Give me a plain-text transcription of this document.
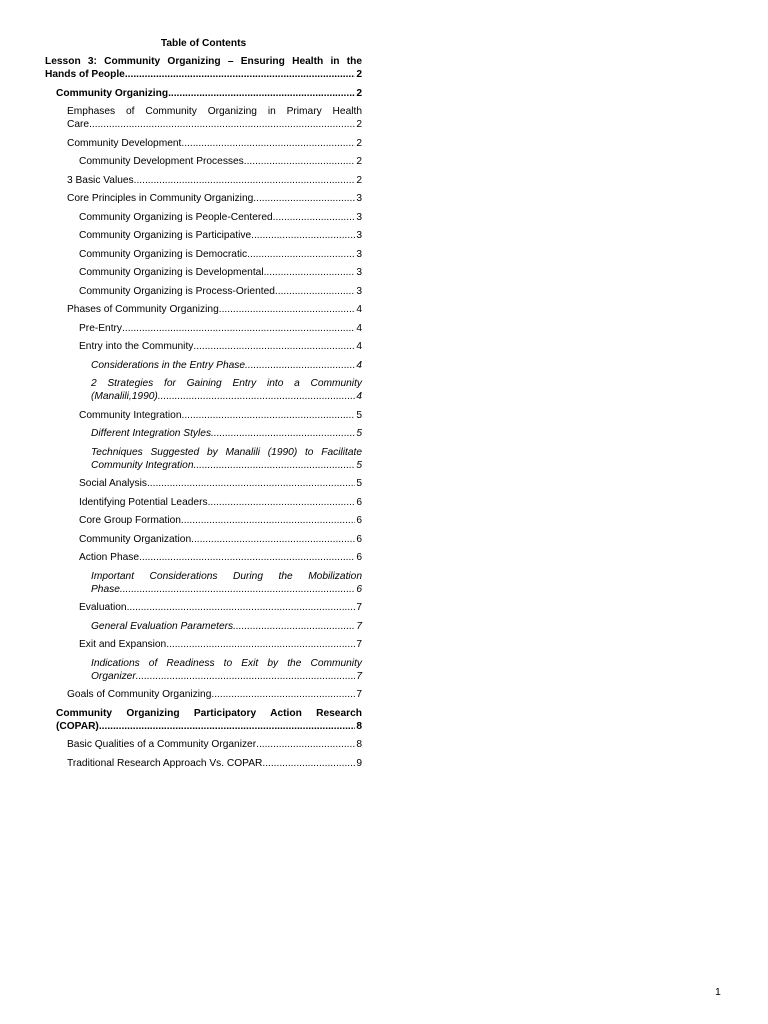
Table of Contents
Lesson 3: Community Organizing – Ensuring Health in the
Hands of People .....	2
Community Organizing .....	2
Emphases of Community Organizing in Primary Health
Care .....	2
Community Development .....	2
Community Development Processes .....	2
3 Basic Values .....	2
Core Principles in Community Organizing .....	3
Community Organizing is People-Centered .....	3
Community Organizing is Participative .....	3
Community Organizing is Democratic .....	3
Community Organizing is Developmental .....	3
Community Organizing is Process-Oriented .....	3
Phases of Community Organizing .....	4
Pre-Entry .....	4
Entry into the Community .....	4
Considerations in the Entry Phase .....	4
2 Strategies for Gaining Entry into a Community
(Manalili,1990) .....	4
Community Integration .....	5
Different Integration Styles .....	5
Techniques Suggested by Manalili (1990) to Facilitate
Community Integration .....	5
Social Analysis .....	5
Identifying Potential Leaders .....	6
Core Group Formation .....	6
Community Organization .....	6
Action Phase .....	6
Important Considerations During the Mobilization
Phase .....	6
Evaluation .....	7
General Evaluation Parameters .....	7
Exit and Expansion .....	7
Indications of Readiness to Exit by the Community
Organizer .....	7
Goals of Community Organizing .....	7
Community Organizing Participatory Action Research
(COPAR) .....	8
Basic Qualities of a Community Organizer .....	8
Traditional Research Approach Vs. COPAR .....	9
1
